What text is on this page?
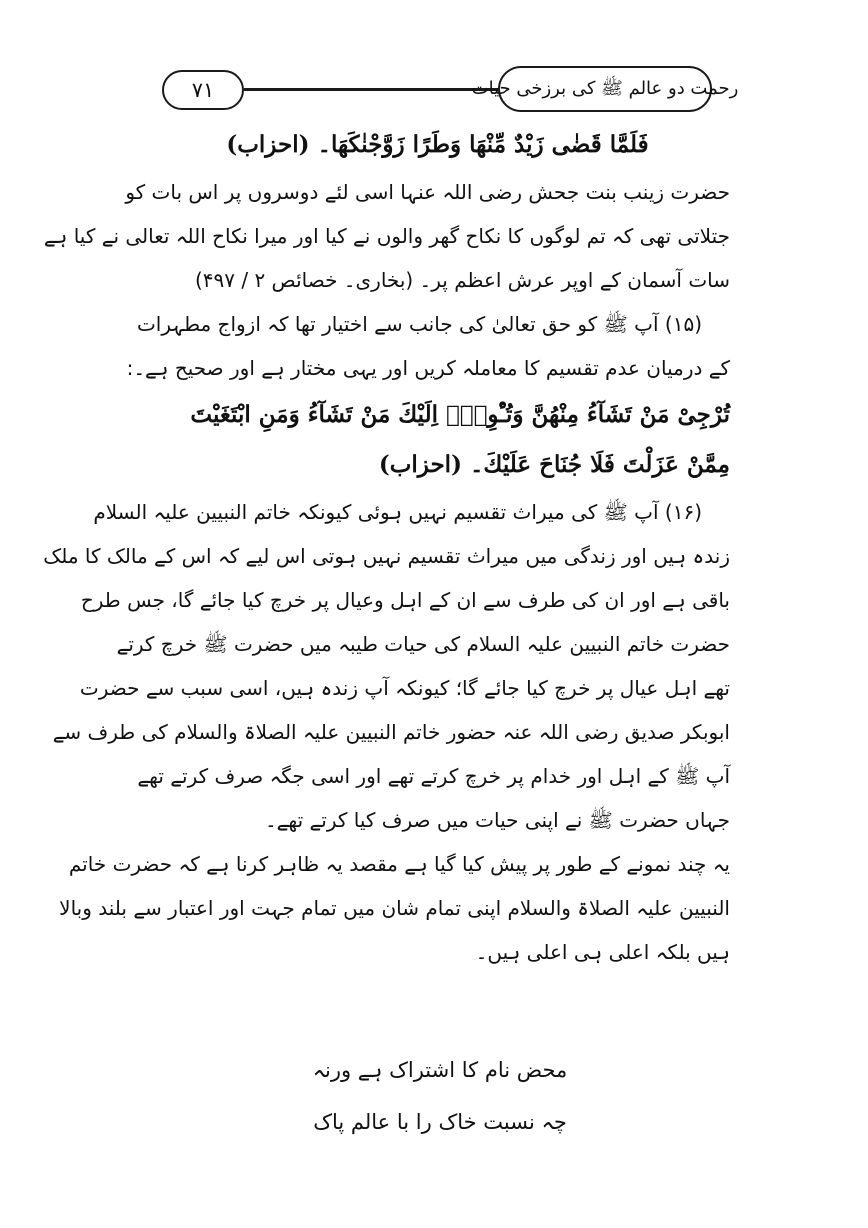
۷۱	رحمت دو عالم ﷺ کی برزخی حیات
فَلَمَّا قَضٰى زَيْدٌ مِّنْهَا وَطَرًا زَوَّجْنٰكَهَا۔ (احزاب)
حضرت زینب بنت جحش رضی اللہ عنہا اسی لئے دوسروں پر اس بات کو
جتلاتی تھی کہ تم لوگوں کا نکاح گھر والوں نے کیا اور میرا نکاح اللہ تعالی نے کیا ہے
سات آسمان کے اوپر عرش اعظم پر۔ (بخاری۔ خصائص ۲ / ۴۹۷)
(۱۵) آپ ﷺ کو حق تعالیٰ کی جانب سے اختیار تھا کہ ازواج مطہرات
کے درمیان عدم تقسیم کا معاملہ کریں اور یہی مختار ہے اور صحیح ہے۔:
تُرْجِىْ مَنْ تَشَآءُ مِنْهُنَّ وَتُـْٔوِىْۤ اِلَيْكَ مَنْ تَشَآءُ وَمَنِ ابْتَغَيْتَ
مِمَّنْ عَزَلْتَ فَلَا جُنَاحَ عَلَيْكَ۔ (احزاب)
(۱۶) آپ ﷺ کی میراث تقسیم نہیں ہوئی کیونکہ خاتم النبیین علیہ السلام
زندہ ہیں اور زندگی میں میراث تقسیم نہیں ہوتی اس لیے کہ اس کے مالک کا ملک
باقی ہے اور ان کی طرف سے ان کے اہل وعیال پر خرچ کیا جائے گا، جس طرح
حضرت خاتم النبیین علیہ السلام کی حیات طیبہ میں حضرت ﷺ خرچ کرتے
تھے اہل عیال پر خرچ کیا جائے گا؛ کیونکہ آپ زندہ ہیں، اسی سبب سے حضرت
ابوبکر صدیق رضی اللہ عنہ حضور خاتم النبیین علیہ الصلاۃ والسلام کی طرف سے
آپ ﷺ کے اہل اور خدام پر خرچ کرتے تھے اور اسی جگہ صرف کرتے تھے
جہاں حضرت ﷺ نے اپنی حیات میں صرف کیا کرتے تھے۔
یہ چند نمونے کے طور پر پیش کیا گیا ہے مقصد یہ ظاہر کرنا ہے کہ حضرت خاتم
النبیین علیہ الصلاۃ والسلام اپنی تمام شان میں تمام جہت اور اعتبار سے بلند وبالا
ہیں بلکہ اعلی ہی اعلی ہیں۔
محض نام کا اشتراک ہے ورنہ
چہ نسبت خاک را با عالم پاک
